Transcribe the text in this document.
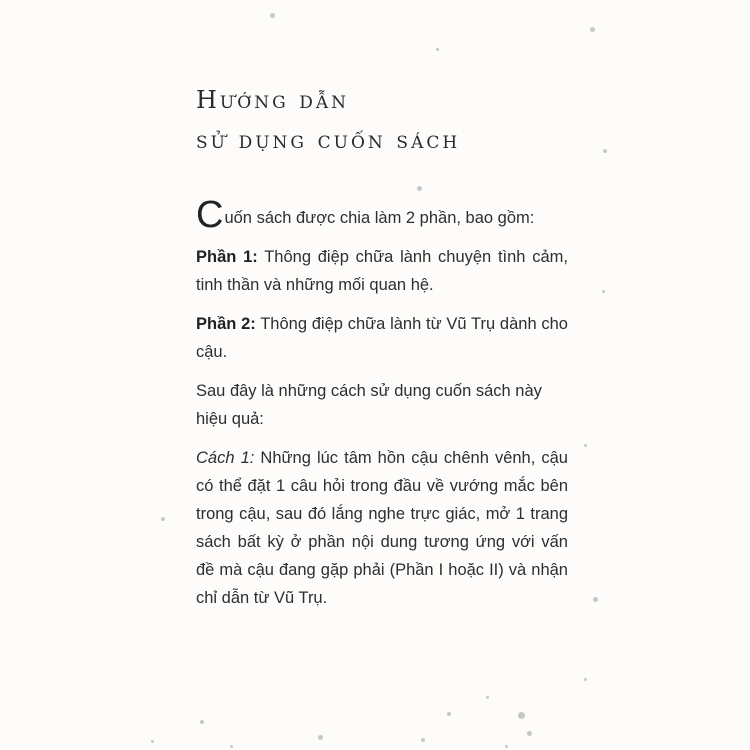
Hướng dẫn
sử dụng cuốn sách

Cuốn sách được chia làm 2 phần, bao gồm:

Phần 1: Thông điệp chữa lành chuyện tình cảm, tinh thần và những mối quan hệ.

Phần 2: Thông điệp chữa lành từ Vũ Trụ dành cho cậu.

Sau đây là những cách sử dụng cuốn sách này hiệu quả:

Cách 1: Những lúc tâm hồn cậu chênh vênh, cậu có thể đặt 1 câu hỏi trong đầu về vướng mắc bên trong cậu, sau đó lắng nghe trực giác, mở 1 trang sách bất kỳ ở phần nội dung tương ứng với vấn đề mà cậu đang gặp phải (Phần I hoặc II) và nhận chỉ dẫn từ Vũ Trụ.
